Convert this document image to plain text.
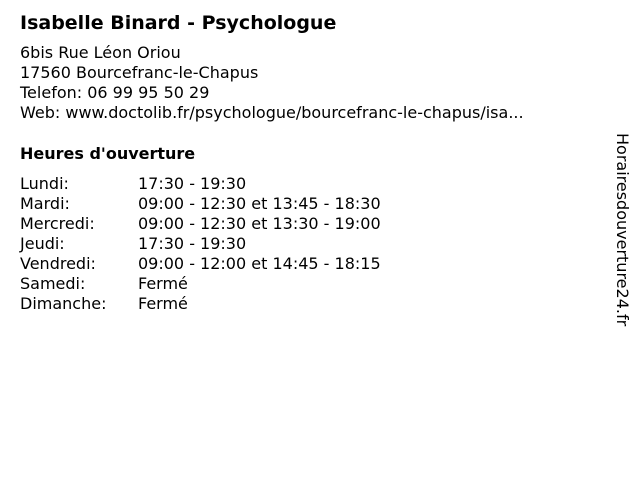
Isabelle Binard - Psychologue
6bis Rue Léon Oriou
17560 Bourcefranc-le-Chapus
Telefon: 06 99 95 50 29
Web: www.doctolib.fr/psychologue/bourcefranc-le-chapus/isa...
Heures d'ouverture
Lundi:	17:30 - 19:30
Mardi:	09:00 - 12:30 et 13:45 - 18:30
Mercredi:	09:00 - 12:30 et 13:30 - 19:00
Jeudi:	17:30 - 19:30
Vendredi:	09:00 - 12:00 et 14:45 - 18:15
Samedi:	Fermé
Dimanche: Fermé	Horairesdouverture24.fr
